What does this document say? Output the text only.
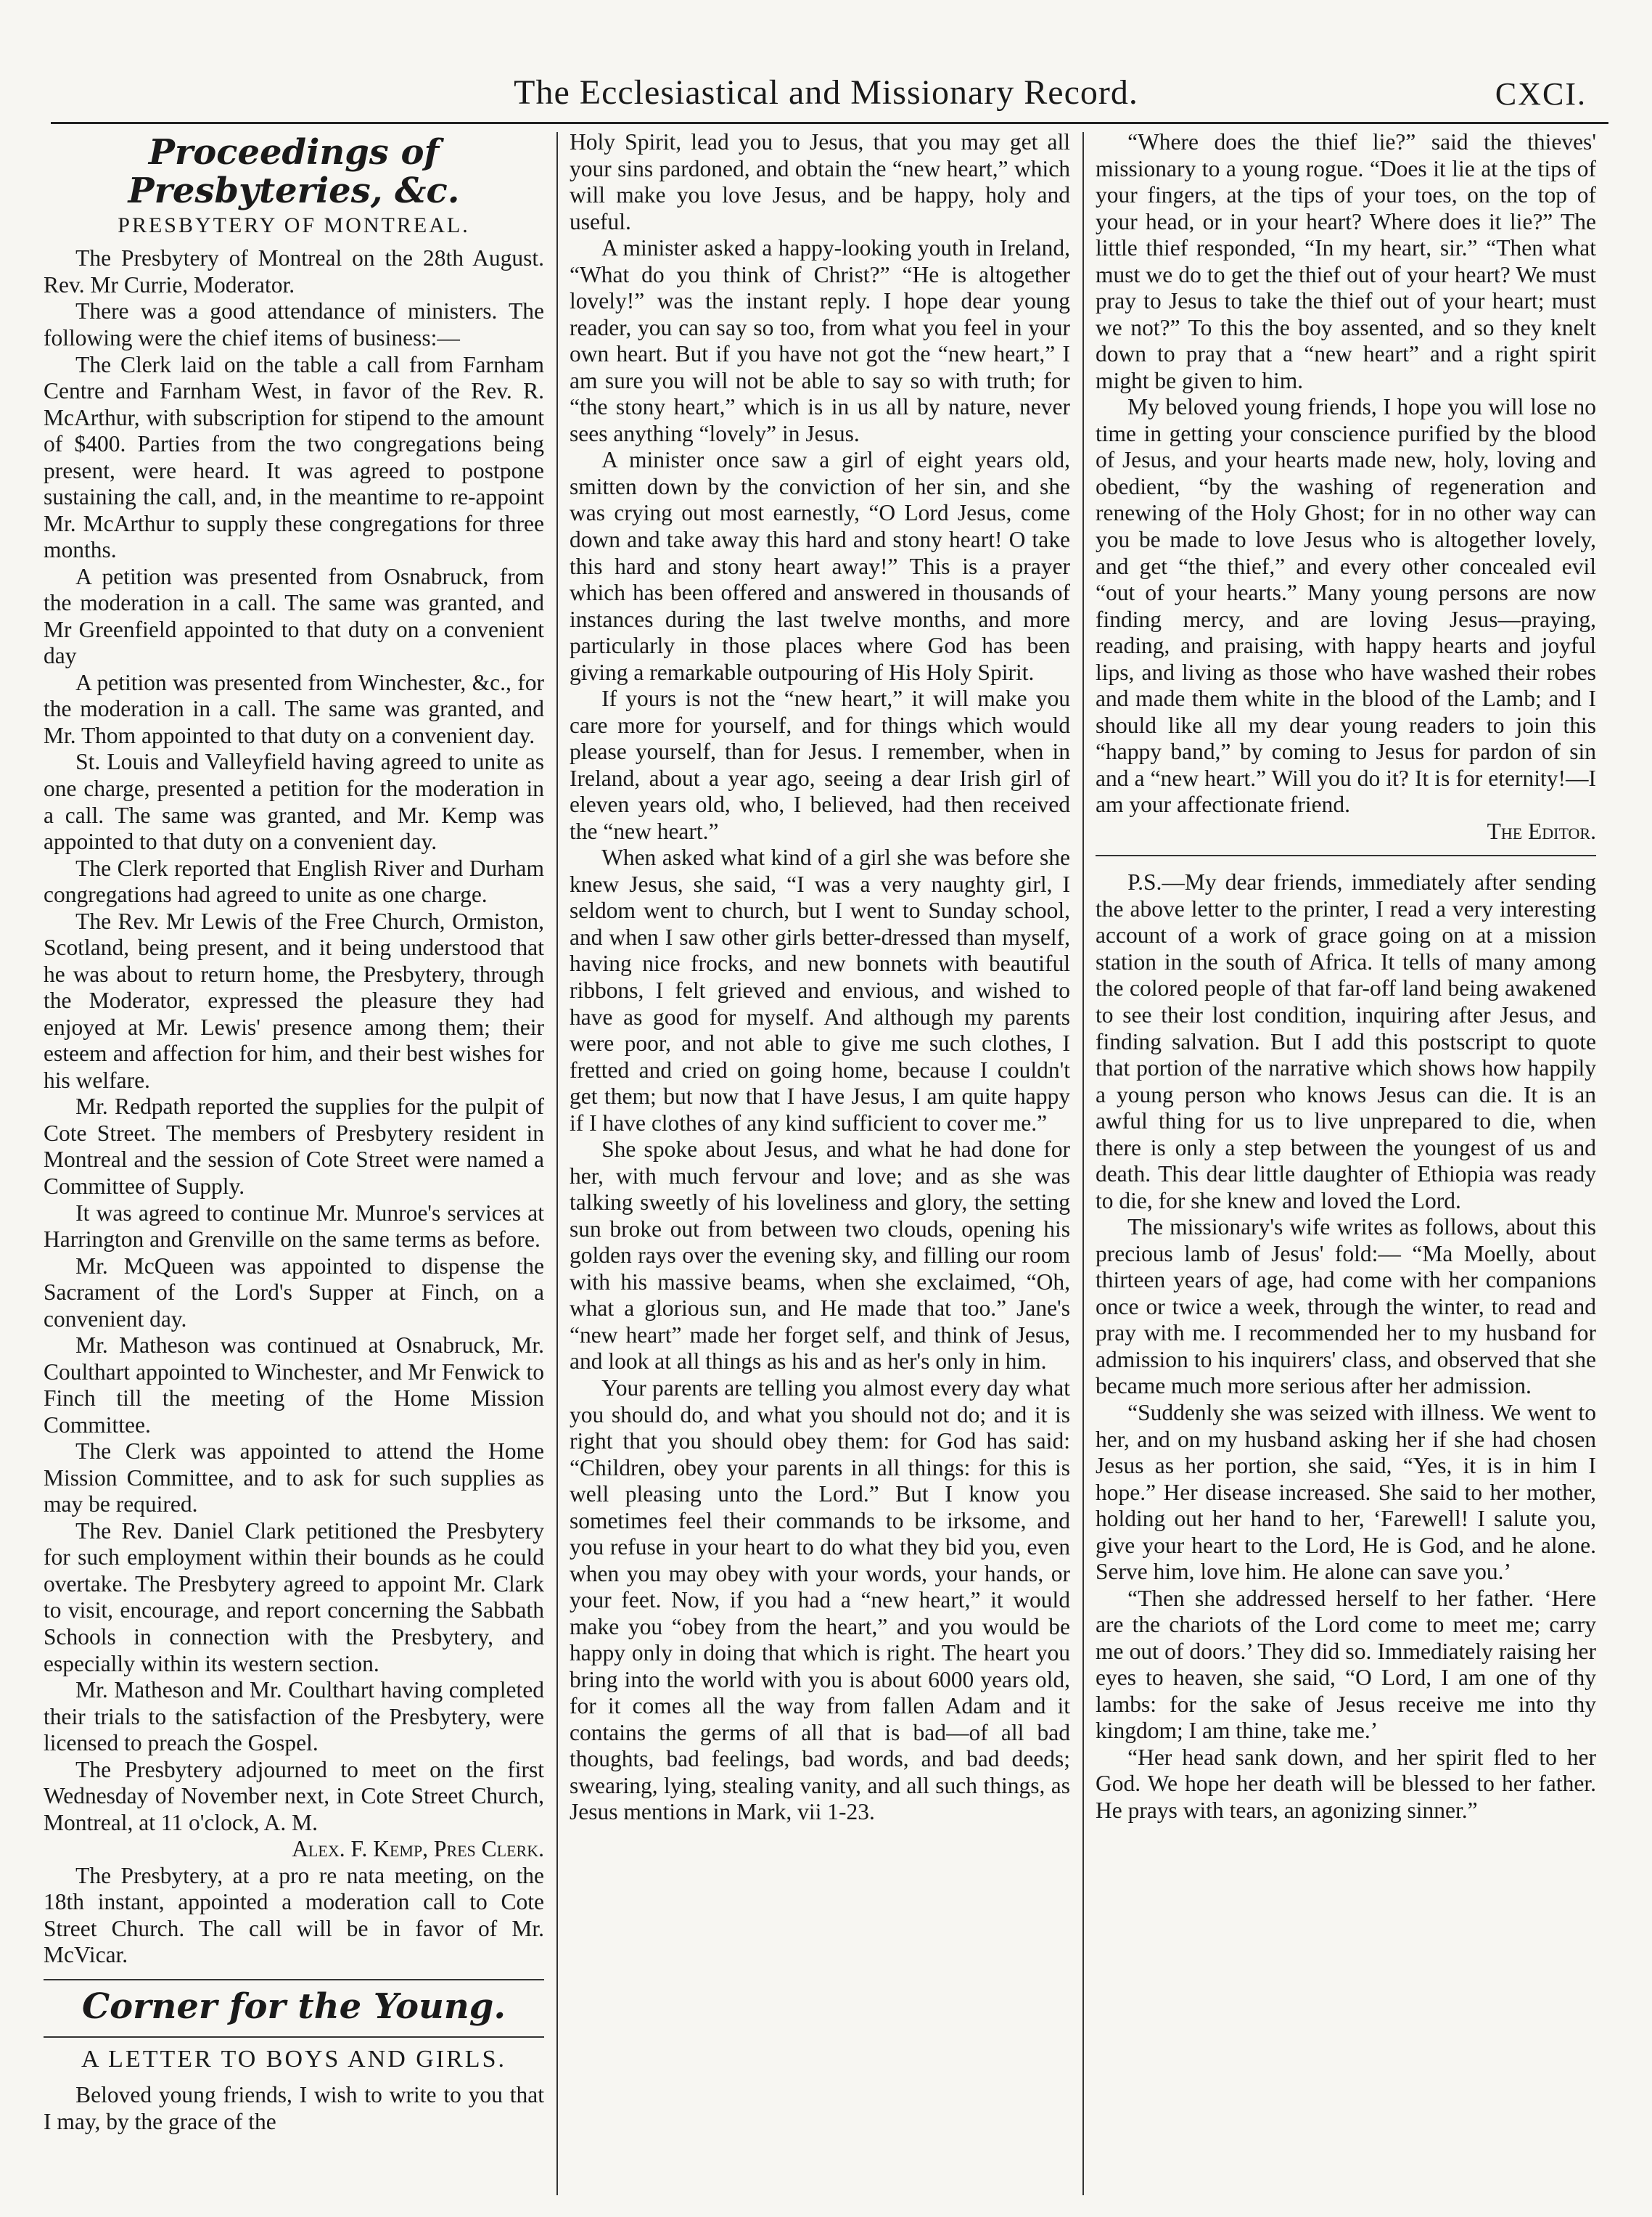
The Ecclesiastical and Missionary Record.	CXCI.
Proceedings of Presbyteries, &c.
PRESBYTERY OF MONTREAL.

The Presbytery of Montreal on the 28th August. Rev. Mr Currie, Moderator.

There was a good attendance of ministers. The following were the chief items of business:—

The Clerk laid on the table a call from Farnham Centre and Farnham West, in favor of the Rev. R. McArthur, with subscription for stipend to the amount of $400. Parties from the two congregations being present, were heard. It was agreed to postpone sustaining the call, and, in the meantime to re-appoint Mr. McArthur to supply these congregations for three months.

A petition was presented from Osnabruck, from the moderation in a call. The same was granted, and Mr Greenfield appointed to that duty on a convenient day

A petition was presented from Winchester, &c., for the moderation in a call. The same was granted, and Mr. Thom appointed to that duty on a convenient day.

St. Louis and Valleyfield having agreed to unite as one charge, presented a petition for the moderation in a call. The same was granted, and Mr. Kemp was appointed to that duty on a convenient day.

The Clerk reported that English River and Durham congregations had agreed to unite as one charge.

The Rev. Mr Lewis of the Free Church, Ormiston, Scotland, being present, and it being understood that he was about to return home, the Presbytery, through the Moderator, expressed the pleasure they had enjoyed at Mr. Lewis' presence among them; their esteem and affection for him, and their best wishes for his welfare.

Mr. Redpath reported the supplies for the pulpit of Cote Street. The members of Presbytery resident in Montreal and the session of Cote Street were named a Committee of Supply.

It was agreed to continue Mr. Munroe's services at Harrington and Grenville on the same terms as before.

Mr. McQueen was appointed to dispense the Sacrament of the Lord's Supper at Finch, on a convenient day.

Mr. Matheson was continued at Osnabruck, Mr. Coulthart appointed to Winchester, and Mr Fenwick to Finch till the meeting of the Home Mission Committee.

The Clerk was appointed to attend the Home Mission Committee, and to ask for such supplies as may be required.

The Rev. Daniel Clark petitioned the Presbytery for such employment within their bounds as he could overtake. The Presbytery agreed to appoint Mr. Clark to visit, encourage, and report concerning the Sabbath Schools in connection with the Presbytery, and especially within its western section.

Mr. Matheson and Mr. Coulthart having completed their trials to the satisfaction of the Presbytery, were licensed to preach the Gospel.

The Presbytery adjourned to meet on the first Wednesday of November next, in Cote Street Church, Montreal, at 11 o'clock, A. M.

Alex. F. Kemp, Pres Clerk.

The Presbytery, at a pro re nata meeting, on the 18th instant, appointed a moderation call to Cote Street Church. The call will be in favor of Mr. McVicar.

Corner for the Young.
A LETTER TO BOYS AND GIRLS.

Beloved young friends, I wish to write to you that I may, by the grace of the

Holy Spirit, lead you to Jesus, that you may get all your sins pardoned, and obtain the “new heart,” which will make you love Jesus, and be happy, holy and useful.

A minister asked a happy-looking youth in Ireland, “What do you think of Christ?” “He is altogether lovely!” was the instant reply. I hope dear young reader, you can say so too, from what you feel in your own heart. But if you have not got the “new heart,” I am sure you will not be able to say so with truth; for “the stony heart,” which is in us all by nature, never sees anything “lovely” in Jesus.

A minister once saw a girl of eight years old, smitten down by the conviction of her sin, and she was crying out most earnestly, “O Lord Jesus, come down and take away this hard and stony heart! O take this hard and stony heart away!” This is a prayer which has been offered and answered in thousands of instances during the last twelve months, and more particularly in those places where God has been giving a remarkable outpouring of His Holy Spirit.

If yours is not the “new heart,” it will make you care more for yourself, and for things which would please yourself, than for Jesus. I remember, when in Ireland, about a year ago, seeing a dear Irish girl of eleven years old, who, I believed, had then received the “new heart.”

When asked what kind of a girl she was before she knew Jesus, she said, “I was a very naughty girl, I seldom went to church, but I went to Sunday school, and when I saw other girls better-dressed than myself, having nice frocks, and new bonnets with beautiful ribbons, I felt grieved and envious, and wished to have as good for myself. And although my parents were poor, and not able to give me such clothes, I fretted and cried on going home, because I couldn't get them; but now that I have Jesus, I am quite happy if I have clothes of any kind sufficient to cover me.”

She spoke about Jesus, and what he had done for her, with much fervour and love; and as she was talking sweetly of his loveliness and glory, the setting sun broke out from between two clouds, opening his golden rays over the evening sky, and filling our room with his massive beams, when she exclaimed, “Oh, what a glorious sun, and He made that too.” Jane's “new heart” made her forget self, and think of Jesus, and look at all things as his and as her's only in him.

Your parents are telling you almost every day what you should do, and what you should not do; and it is right that you should obey them: for God has said: “Children, obey your parents in all things: for this is well pleasing unto the Lord.” But I know you sometimes feel their commands to be irksome, and you refuse in your heart to do what they bid you, even when you may obey with your words, your hands, or your feet. Now, if you had a “new heart,” it would make you “obey from the heart,” and you would be happy only in doing that which is right. The heart you bring into the world with you is about 6000 years old, for it comes all the way from fallen Adam and it contains the germs of all that is bad—of all bad thoughts, bad feelings, bad words, and bad deeds; swearing, lying, stealing vanity, and all such things, as Jesus mentions in Mark, vii 1-23.

“Where does the thief lie?” said the thieves' missionary to a young rogue. “Does it lie at the tips of your fingers, at the tips of your toes, on the top of your head, or in your heart? Where does it lie?” The little thief responded, “In my heart, sir.” “Then what must we do to get the thief out of your heart? We must pray to Jesus to take the thief out of your heart; must we not?” To this the boy assented, and so they knelt down to pray that a “new heart” and a right spirit might be given to him.

My beloved young friends, I hope you will lose no time in getting your conscience purified by the blood of Jesus, and your hearts made new, holy, loving and obedient, “by the washing of regeneration and renewing of the Holy Ghost; for in no other way can you be made to love Jesus who is altogether lovely, and get “the thief,” and every other concealed evil “out of your hearts.” Many young persons are now finding mercy, and are loving Jesus—praying, reading, and praising, with happy hearts and joyful lips, and living as those who have washed their robes and made them white in the blood of the Lamb; and I should like all my dear young readers to join this “happy band,” by coming to Jesus for pardon of sin and a “new heart.” Will you do it? It is for eternity!—I am your affectionate friend.

The Editor.

P.S.—My dear friends, immediately after sending the above letter to the printer, I read a very interesting account of a work of grace going on at a mission station in the south of Africa. It tells of many among the colored people of that far-off land being awakened to see their lost condition, inquiring after Jesus, and finding salvation. But I add this postscript to quote that portion of the narrative which shows how happily a young person who knows Jesus can die. It is an awful thing for us to live unprepared to die, when there is only a step between the youngest of us and death. This dear little daughter of Ethiopia was ready to die, for she knew and loved the Lord.

The missionary's wife writes as follows, about this precious lamb of Jesus' fold:— “Ma Moelly, about thirteen years of age, had come with her companions once or twice a week, through the winter, to read and pray with me. I recommended her to my husband for admission to his inquirers' class, and observed that she became much more serious after her admission.

“Suddenly she was seized with illness. We went to her, and on my husband asking her if she had chosen Jesus as her portion, she said, “Yes, it is in him I hope.” Her disease increased. She said to her mother, holding out her hand to her, ‘Farewell! I salute you, give your heart to the Lord, He is God, and he alone. Serve him, love him. He alone can save you.’

“Then she addressed herself to her father. ‘Here are the chariots of the Lord come to meet me; carry me out of doors.’ They did so. Immediately raising her eyes to heaven, she said, “O Lord, I am one of thy lambs: for the sake of Jesus receive me into thy kingdom; I am thine, take me.’

“Her head sank down, and her spirit fled to her God. We hope her death will be blessed to her father. He prays with tears, an agonizing sinner.”
